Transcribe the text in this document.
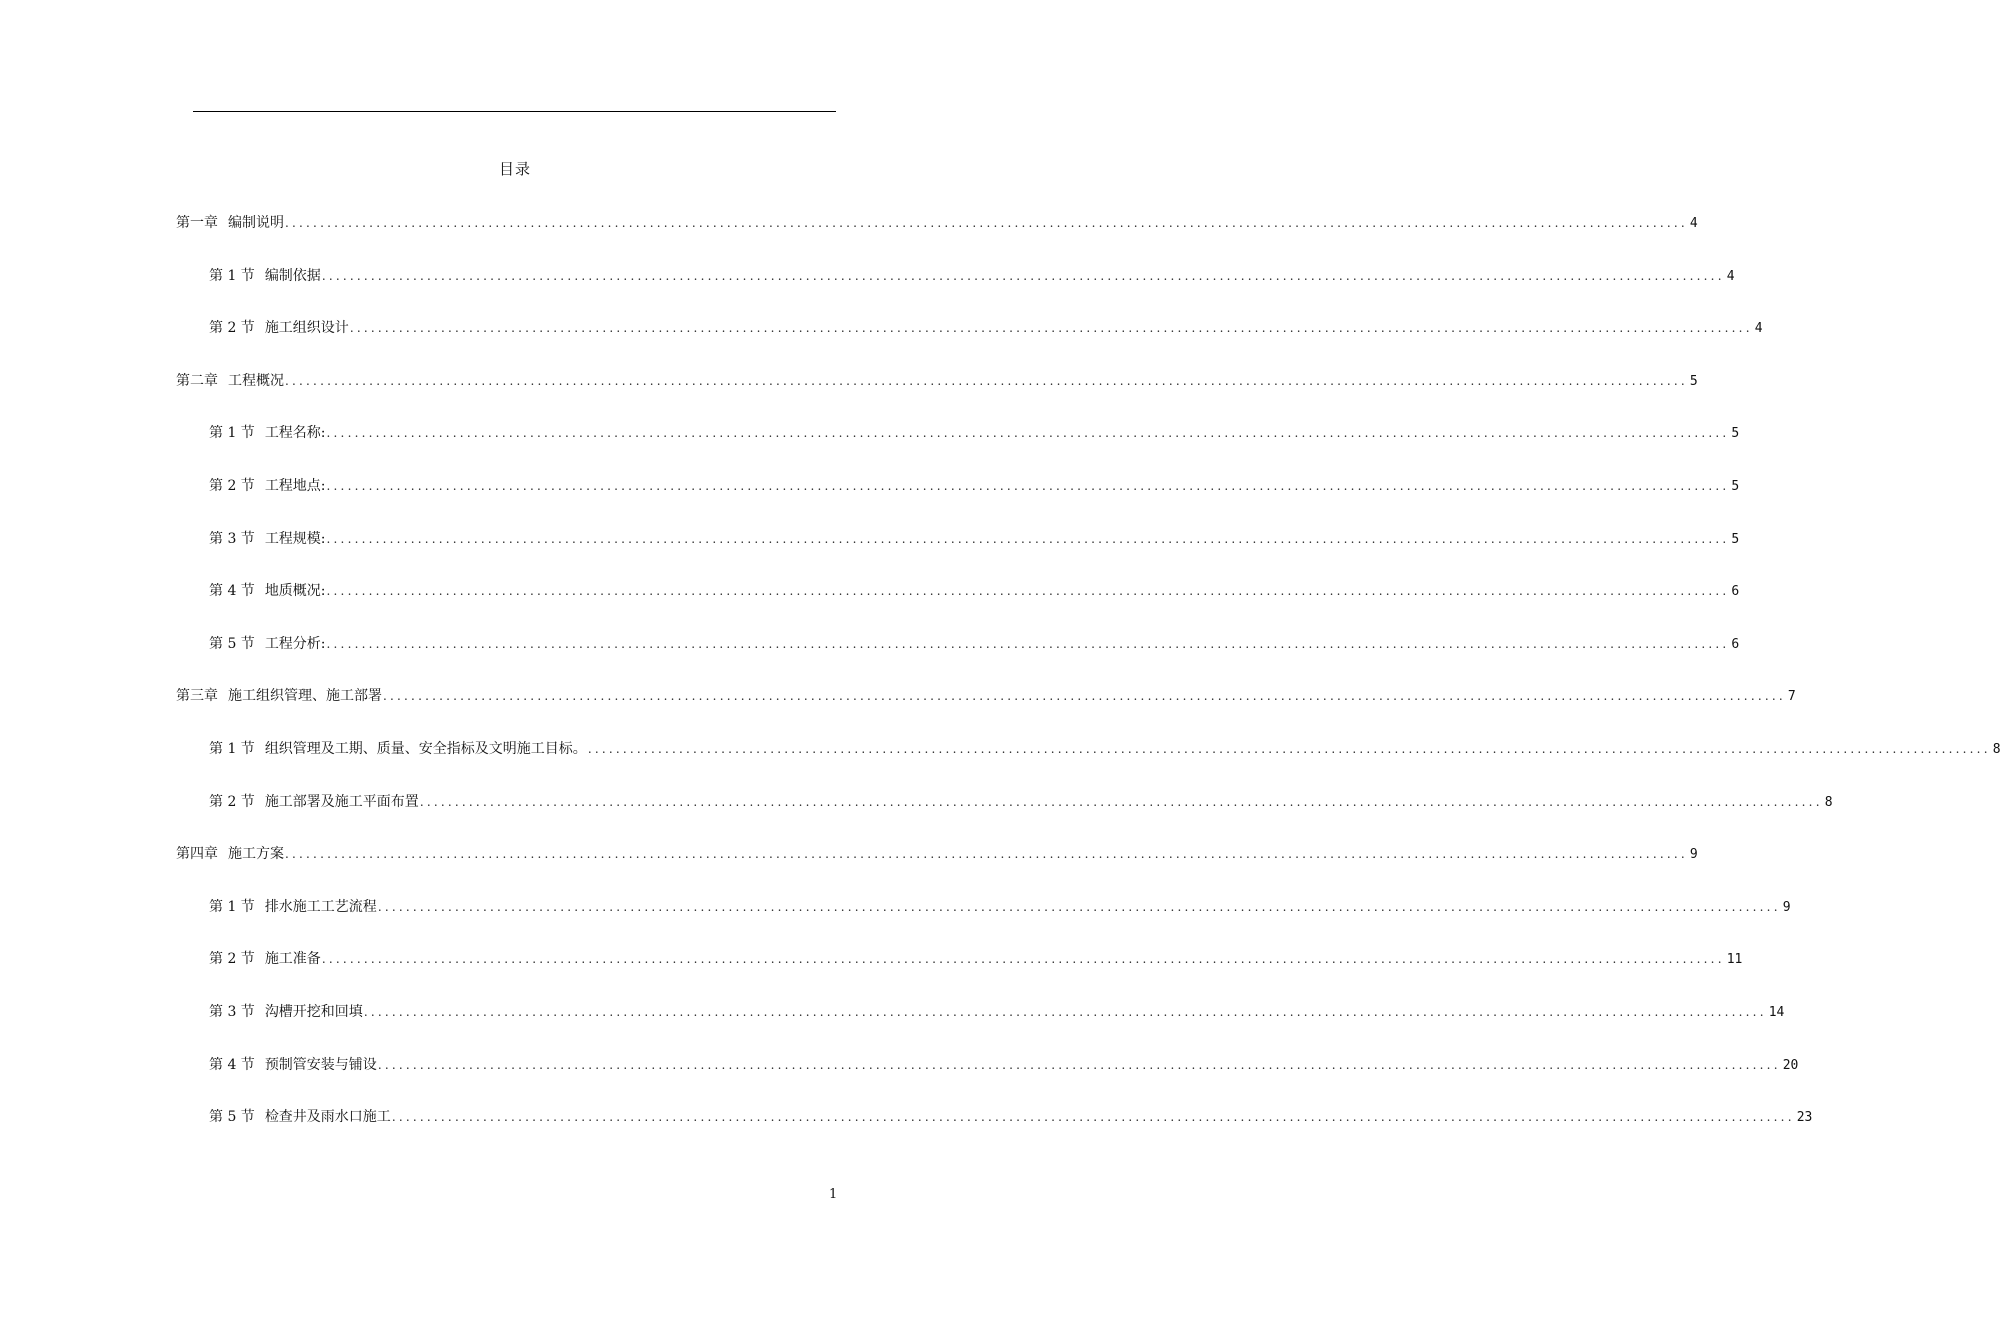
目录
第一章 编制说明 ........................................................................................................................................................................................................ 4
第 1 节 编制依据 ........................................................................................................................................................................................................ 4
第 2 节 施工组织设计 ........................................................................................................................................................................................................ 4
第二章 工程概况 ........................................................................................................................................................................................................ 5
第 1 节 工程名称: ........................................................................................................................................................................................................ 5
第 2 节 工程地点: ........................................................................................................................................................................................................ 5
第 3 节 工程规模: ........................................................................................................................................................................................................ 5
第 4 节 地质概况: ........................................................................................................................................................................................................ 6
第 5 节 工程分析: ........................................................................................................................................................................................................ 6
第三章 施工组织管理、施工部署 ........................................................................................................................................................................................................ 7
第 1 节 组织管理及工期、质量、安全指标及文明施工目标。 ........................................................................................................................................................................................................ 8
第 2 节 施工部署及施工平面布置 ........................................................................................................................................................................................................ 8
第四章 施工方案 ........................................................................................................................................................................................................ 9
第 1 节 排水施工工艺流程 ........................................................................................................................................................................................................ 9
第 2 节 施工准备 ........................................................................................................................................................................................................ 11
第 3 节 沟槽开挖和回填 ........................................................................................................................................................................................................ 14
第 4 节 预制管安装与铺设 ........................................................................................................................................................................................................ 20
第 5 节 检查井及雨水口施工 ........................................................................................................................................................................................................ 23
1
